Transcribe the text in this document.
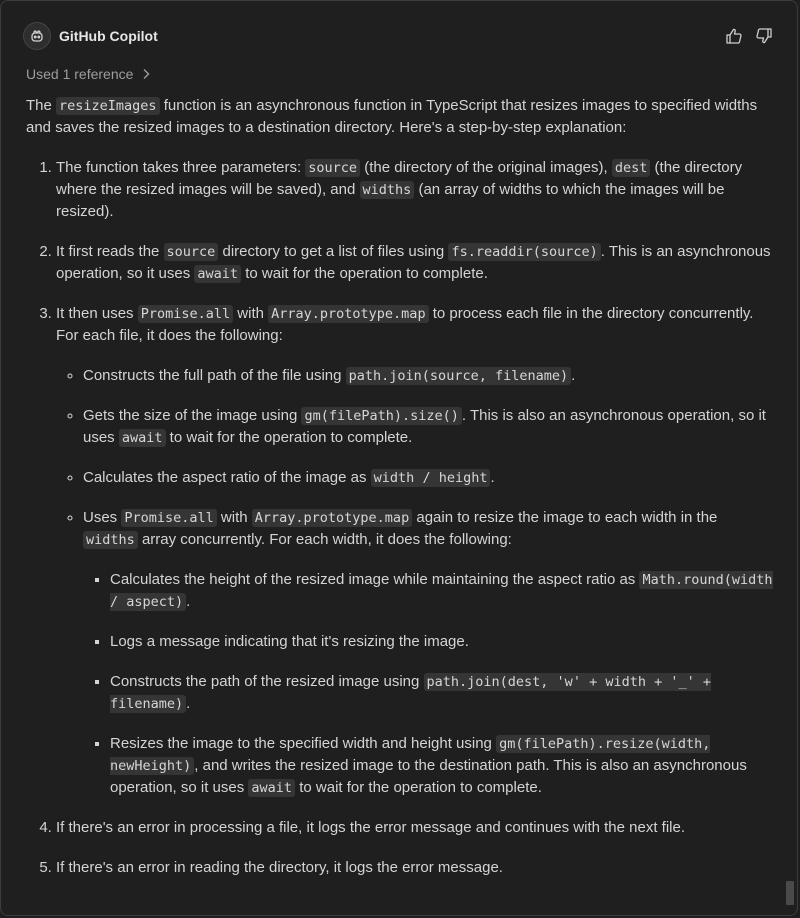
GitHub Copilot
Used 1 reference

The resizeImages function is an asynchronous function in TypeScript that resizes images to specified widths and saves the resized images to a destination directory. Here's a step-by-step explanation:

1. The function takes three parameters: source (the directory of the original images), dest (the directory where the resized images will be saved), and widths (an array of widths to which the images will be resized).
2. It first reads the source directory to get a list of files using fs.readdir(source) . This is an asynchronous operation, so it uses await to wait for the operation to complete.
3. It then uses Promise.all with Array.prototype.map to process each file in the directory concurrently. For each file, it does the following:
◦ Constructs the full path of the file using path.join(source, filename) .
◦ Gets the size of the image using gm(filePath).size() . This is also an asynchronous operation, so it uses await to wait for the operation to complete.
◦ Calculates the aspect ratio of the image as width / height .
◦ Uses Promise.all with Array.prototype.map again to resize the image to each width in the widths array concurrently. For each width, it does the following:
▪ Calculates the height of the resized image while maintaining the aspect ratio as Math.round(width / aspect) .
▪ Logs a message indicating that it's resizing the image.
▪ Constructs the path of the resized image using path.join(dest, 'w' + width + '_' + filename) .
▪ Resizes the image to the specified width and height using gm(filePath).resize(width, newHeight) , and writes the resized image to the destination path. This is also an asynchronous operation, so it uses await to wait for the operation to complete.
4. If there's an error in processing a file, it logs the error message and continues with the next file.
5. If there's an error in reading the directory, it logs the error message.
